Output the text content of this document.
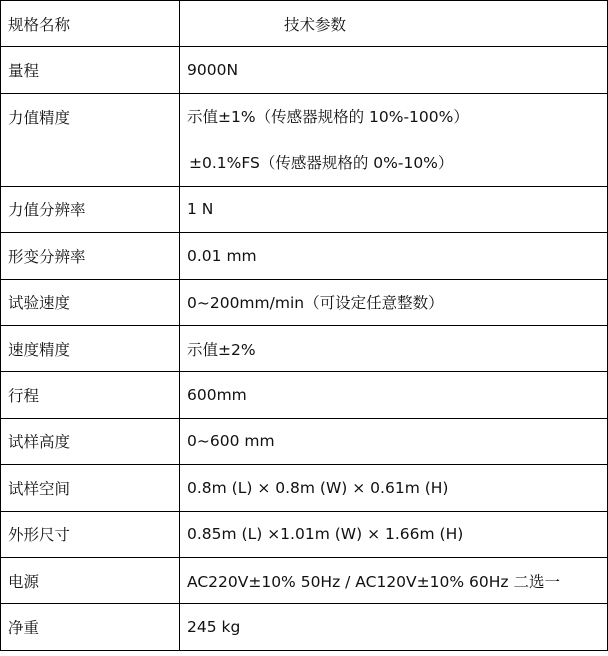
规格名称	技术参数
量程	9000N
力值精度	示值±1%（传感器规格的 10%-100%）
±0.1%FS（传感器规格的 0%-10%）

力值分辨率	1 N
形变分辨率	0.01 mm
试验速度	0~200mm/min（可设定任意整数）
速度精度	示值±2%
行程	600mm
试样高度	0~600 mm
试样空间	0.8m (L) × 0.8m (W) × 0.61m (H)
外形尺寸	0.85m (L) ×1.01m (W) × 1.66m (H)
电源	AC220V±10% 50Hz / AC120V±10% 60Hz 二选一
净重	245 kg
